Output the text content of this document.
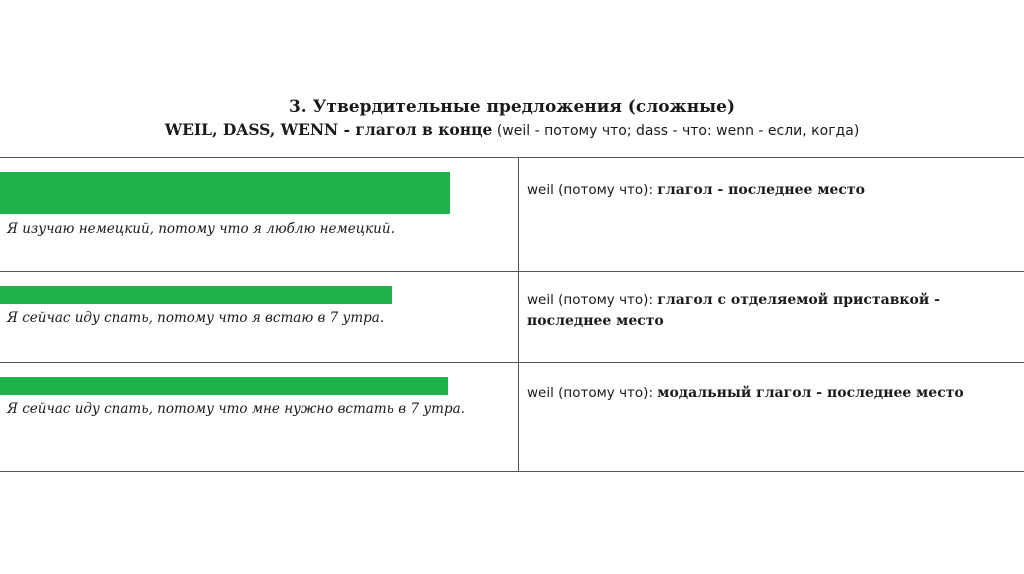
3. Утвердительные предложения (сложные)
WEIL, DASS, WENN - глагол в конце (weil - потому что; dass - что: wenn - если, когда)
Я изучаю немецкий, потому что я люблю немецкий.
weil (потому что): глагол - последнее место
Я сейчас иду спать, потому что я встаю в 7 утра.
weil (потому что): глагол с отделяемой приставкой - последнее место
Я сейчас иду спать, потому что мне нужно встать в 7 утра.
weil (потому что): модальный глагол - последнее место
